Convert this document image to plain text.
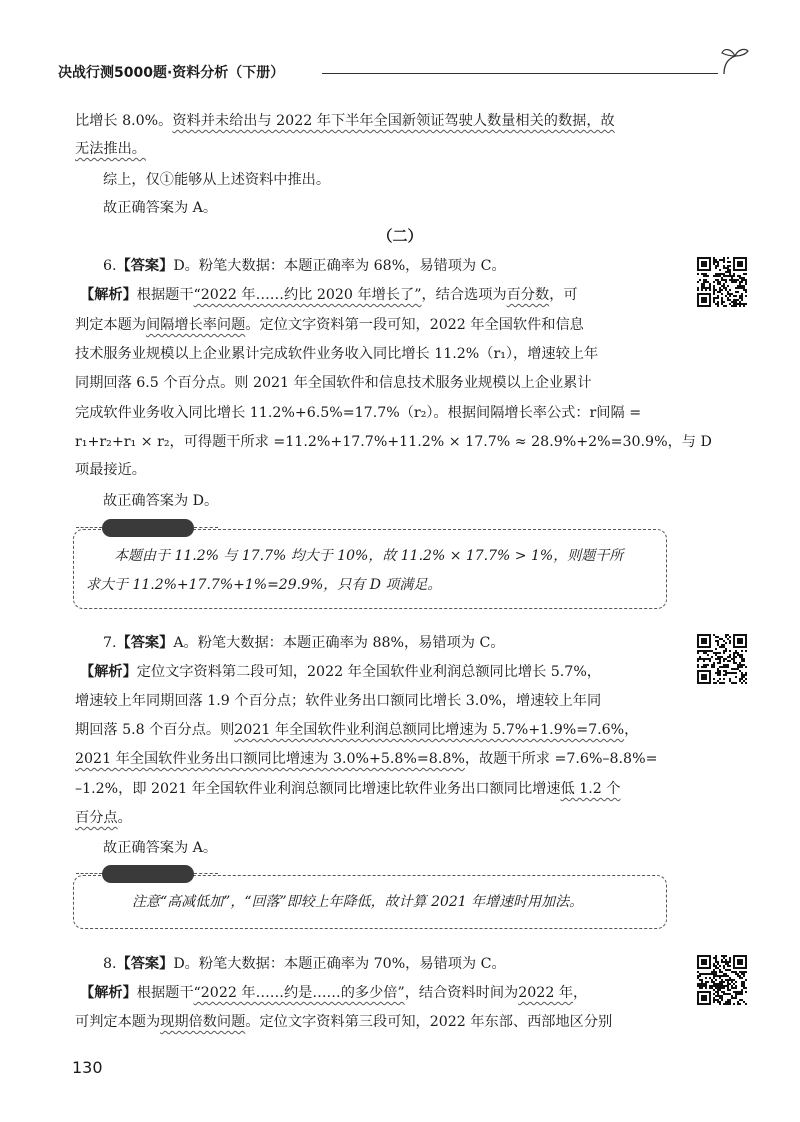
决战行测5000题·资料分析（下册）
比增长 8.0%。资料并未给出与 2022 年下半年全国新领证驾驶人数量相关的数据，故
无法推出。
综上，仅①能够从上述资料中推出。
故正确答案为 A。
（二）
6.【答案】D。粉笔大数据：本题正确率为 68%，易错项为 C。
【解析】根据题干“2022 年……约比 2020 年增长了”，结合选项为百分数，可
判定本题为间隔增长率问题。定位文字资料第一段可知，2022 年全国软件和信息
技术服务业规模以上企业累计完成软件业务收入同比增长 11.2%（r₁），增速较上年
同期回落 6.5 个百分点。则 2021 年全国软件和信息技术服务业规模以上企业累计
完成软件业务收入同比增长 11.2%+6.5%=17.7%（r₂）。根据间隔增长率公式：r间隔 =
r₁+r₂+r₁ × r₂，可得题干所求 =11.2%+17.7%+11.2% × 17.7% ≈ 28.9%+2%=30.9%，与 D
项最接近。
故正确答案为 D。
本题由于 11.2% 与 17.7% 均大于 10%，故 11.2% × 17.7% > 1%，则题干所
求大于 11.2%+17.7%+1%=29.9%，只有 D 项满足。
7.【答案】A。粉笔大数据：本题正确率为 88%，易错项为 C。
【解析】定位文字资料第二段可知，2022 年全国软件业利润总额同比增长 5.7%，
增速较上年同期回落 1.9 个百分点；软件业务出口额同比增长 3.0%，增速较上年同
期回落 5.8 个百分点。则2021 年全国软件业利润总额同比增速为 5.7%+1.9%=7.6%，
2021 年全国软件业务出口额同比增速为 3.0%+5.8%=8.8%，故题干所求 =7.6%–8.8%=
–1.2%，即 2021 年全国软件业利润总额同比增速比软件业务出口额同比增速低 1.2 个
百分点。
故正确答案为 A。
注意“高减低加”，“回落”即较上年降低，故计算 2021 年增速时用加法。
8.【答案】D。粉笔大数据：本题正确率为 70%，易错项为 C。
【解析】根据题干“2022 年……约是……的多少倍”，结合资料时间为2022 年，
可判定本题为现期倍数问题。定位文字资料第三段可知，2022 年东部、西部地区分别
130
